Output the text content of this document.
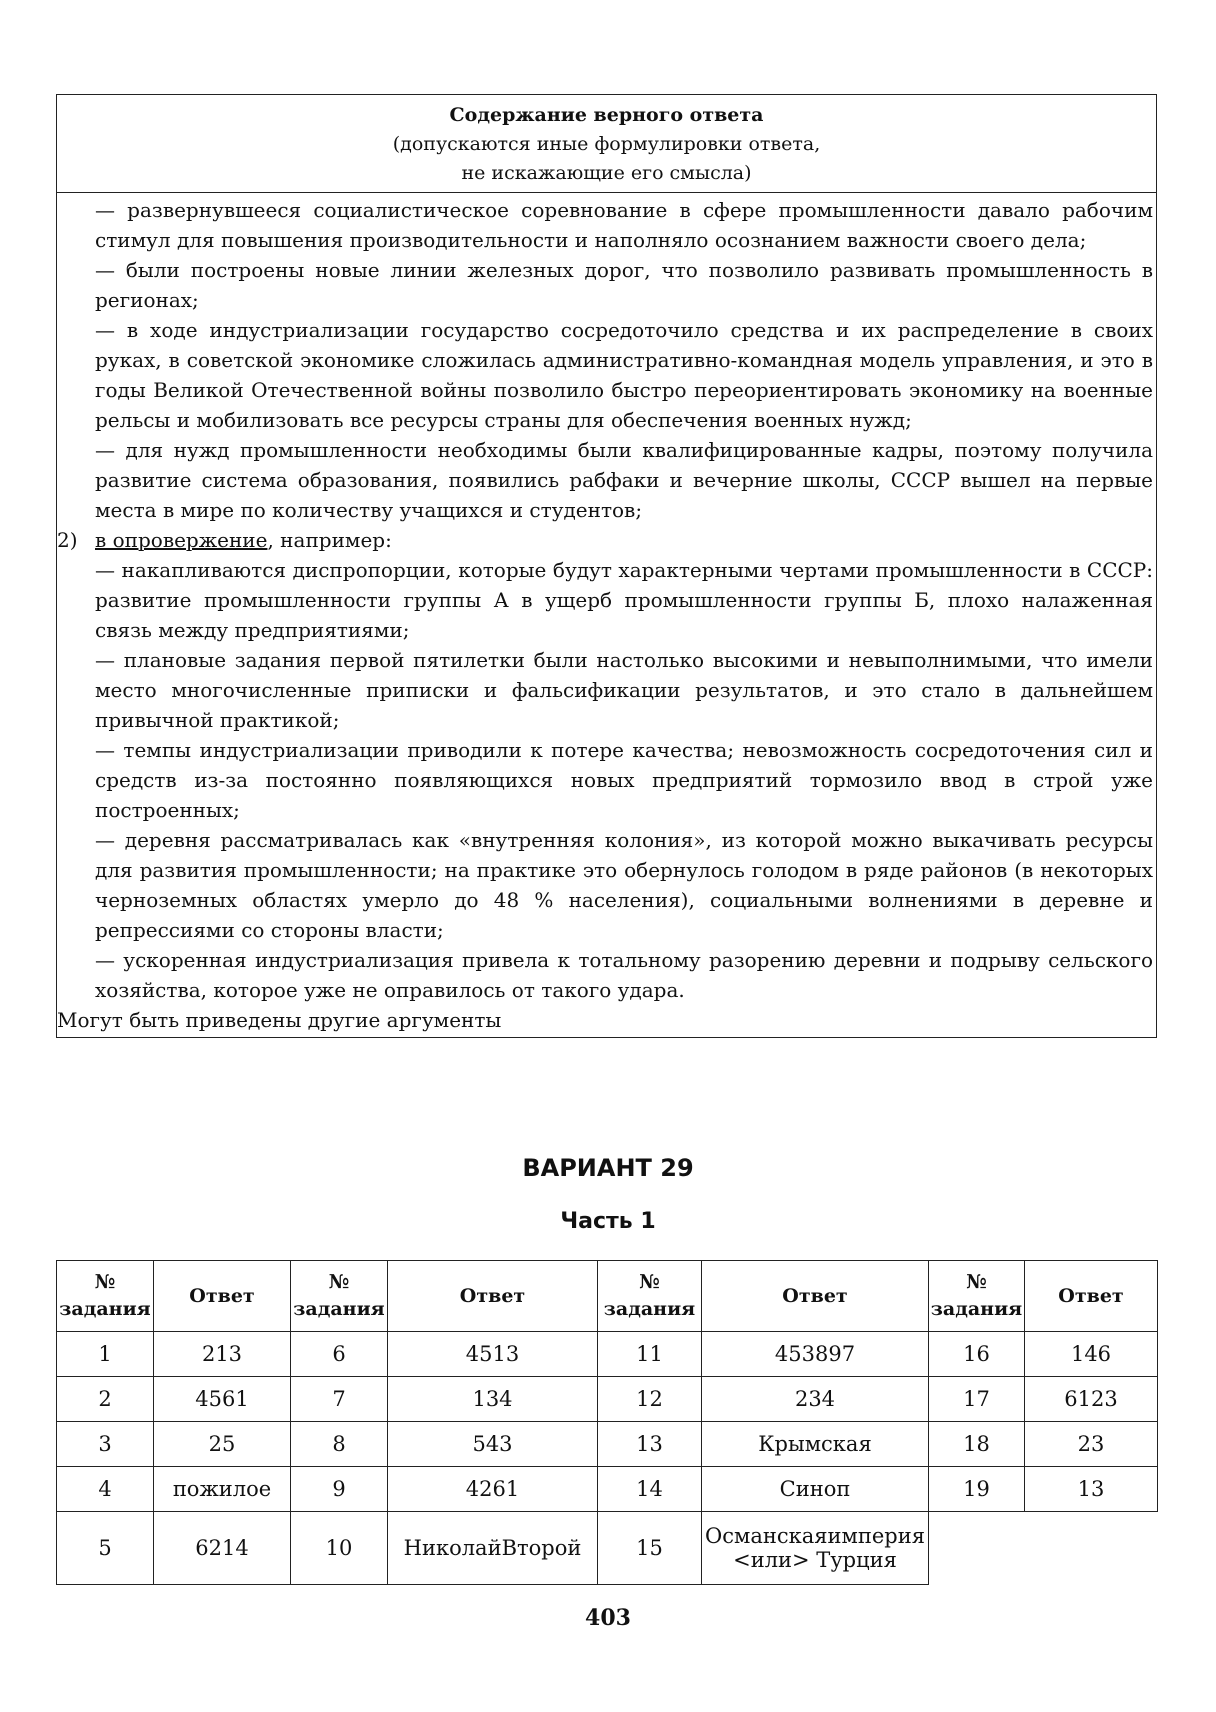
Содержание верного ответа
(допускаются иные формулировки ответа,
не искажающие его смысла)
— развернувшееся социалистическое соревнование в сфере промышленности давало рабочим стимул для повышения производительности и наполняло осознанием важности своего дела;
— были построены новые линии железных дорог, что позволило развивать промышленность в регионах;
— в ходе индустриализации государство сосредоточило средства и их распределение в своих руках, в советской экономике сложилась административно-командная модель управления, и это в годы Великой Отечественной войны позволило быстро переориентировать экономику на военные рельсы и мобилизовать все ресурсы страны для обеспечения военных нужд;
— для нужд промышленности необходимы были квалифицированные кадры, поэтому получила развитие система образования, появились рабфаки и вечерние школы, СССР вышел на первые места в мире по количеству учащихся и студентов;
2) в опровержение, например:
— накапливаются диспропорции, которые будут характерными чертами промышленности в СССР: развитие промышленности группы А в ущерб промышленности группы Б, плохо налаженная связь между предприятиями;
— плановые задания первой пятилетки были настолько высокими и невыполнимыми, что имели место многочисленные приписки и фальсификации результатов, и это стало в дальнейшем привычной практикой;
— темпы индустриализации приводили к потере качества; невозможность сосредоточения сил и средств из-за постоянно появляющихся новых предприятий тормозило ввод в строй уже построенных;
— деревня рассматривалась как «внутренняя колония», из которой можно выкачивать ресурсы для развития промышленности; на практике это обернулось голодом в ряде районов (в некоторых черноземных областях умерло до 48 % населения), социальными волнениями в деревне и репрессиями со стороны власти;
— ускоренная индустриализация привела к тотальному разорению деревни и подрыву сельского хозяйства, которое уже не оправилось от такого удара.
Могут быть приведены другие аргументы
ВАРИАНТ 29
Часть 1
№ задания	Ответ	№ задания	Ответ	№ задания	Ответ	№ задания	Ответ
1	213	6	4513	11	453897	16	146
2	4561	7	134	12	234	17	6123
3	25	8	543	13	Крымская	18	23
4	пожилое	9	4261	14	Синоп	19	13
5	6214	10	НиколайВторой	15	Османскаяимперия <или> Турция		
403
